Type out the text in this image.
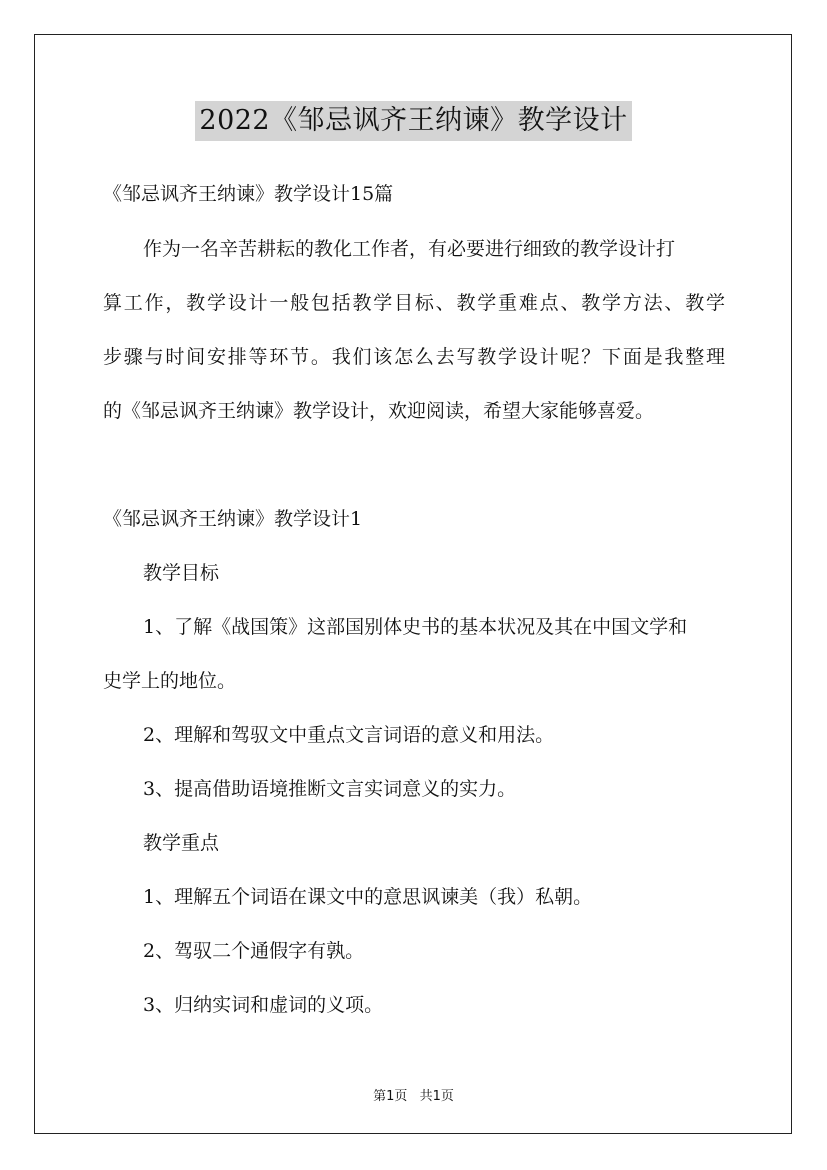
2022《邹忌讽齐王纳谏》教学设计
《邹忌讽齐王纳谏》教学设计15篇
作为一名辛苦耕耘的教化工作者，有必要进行细致的教学设计打
算工作，教学设计一般包括教学目标、教学重难点、教学方法、教学
步骤与时间安排等环节。我们该怎么去写教学设计呢？下面是我整理
的《邹忌讽齐王纳谏》教学设计，欢迎阅读，希望大家能够喜爱。
《邹忌讽齐王纳谏》教学设计1
教学目标
1、了解《战国策》这部国别体史书的基本状况及其在中国文学和
史学上的地位。
2、理解和驾驭文中重点文言词语的意义和用法。
3、提高借助语境推断文言实词意义的实力。
教学重点
1、理解五个词语在课文中的意思讽谏美（我）私朝。
2、驾驭二个通假字有孰。
3、归纳实词和虚词的义项。
第1页 共1页
